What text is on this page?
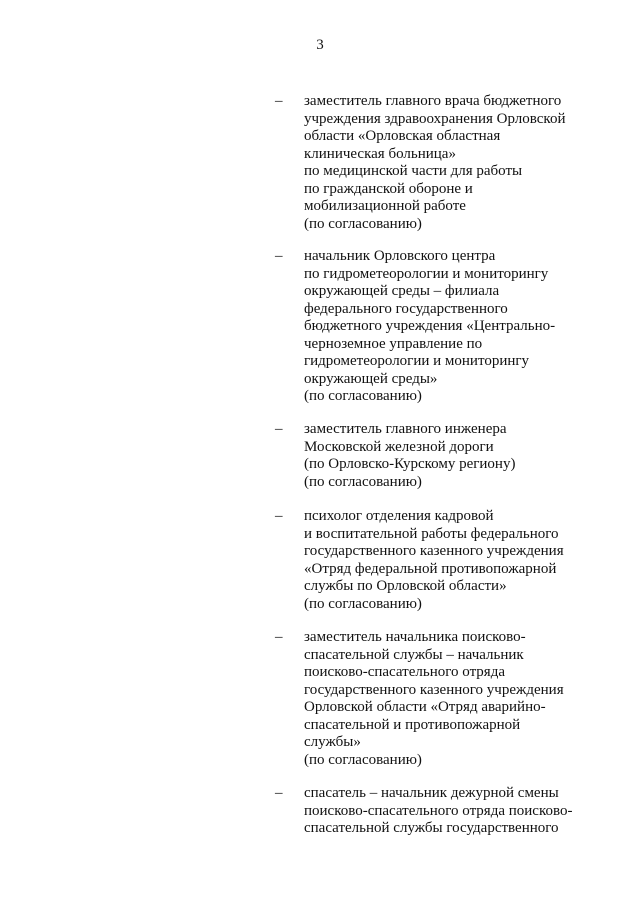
3
– заместитель главного врача бюджетного
учреждения здравоохранения Орловской
области «Орловская областная
клиническая больница»
по медицинской части для работы
по гражданской обороне и
мобилизационной работе
(по согласованию)
– начальник Орловского центра
по гидрометеорологии и мониторингу
окружающей среды – филиала
федерального государственного
бюджетного учреждения «Центрально-
черноземное управление по
гидрометеорологии и мониторингу
окружающей среды»
(по согласованию)
– заместитель главного инженера
Московской железной дороги
(по Орловско-Курскому региону)
(по согласованию)
– психолог отделения кадровой
и воспитательной работы федерального
государственного казенного учреждения
«Отряд федеральной противопожарной
службы по Орловской области»
(по согласованию)
– заместитель начальника поисково-
спасательной службы – начальник
поисково-спасательного отряда
государственного казенного учреждения
Орловской области «Отряд аварийно-
спасательной и противопожарной
службы»
(по согласованию)
– спасатель – начальник дежурной смены
поисково-спасательного отряда поисково-
спасательной службы государственного
